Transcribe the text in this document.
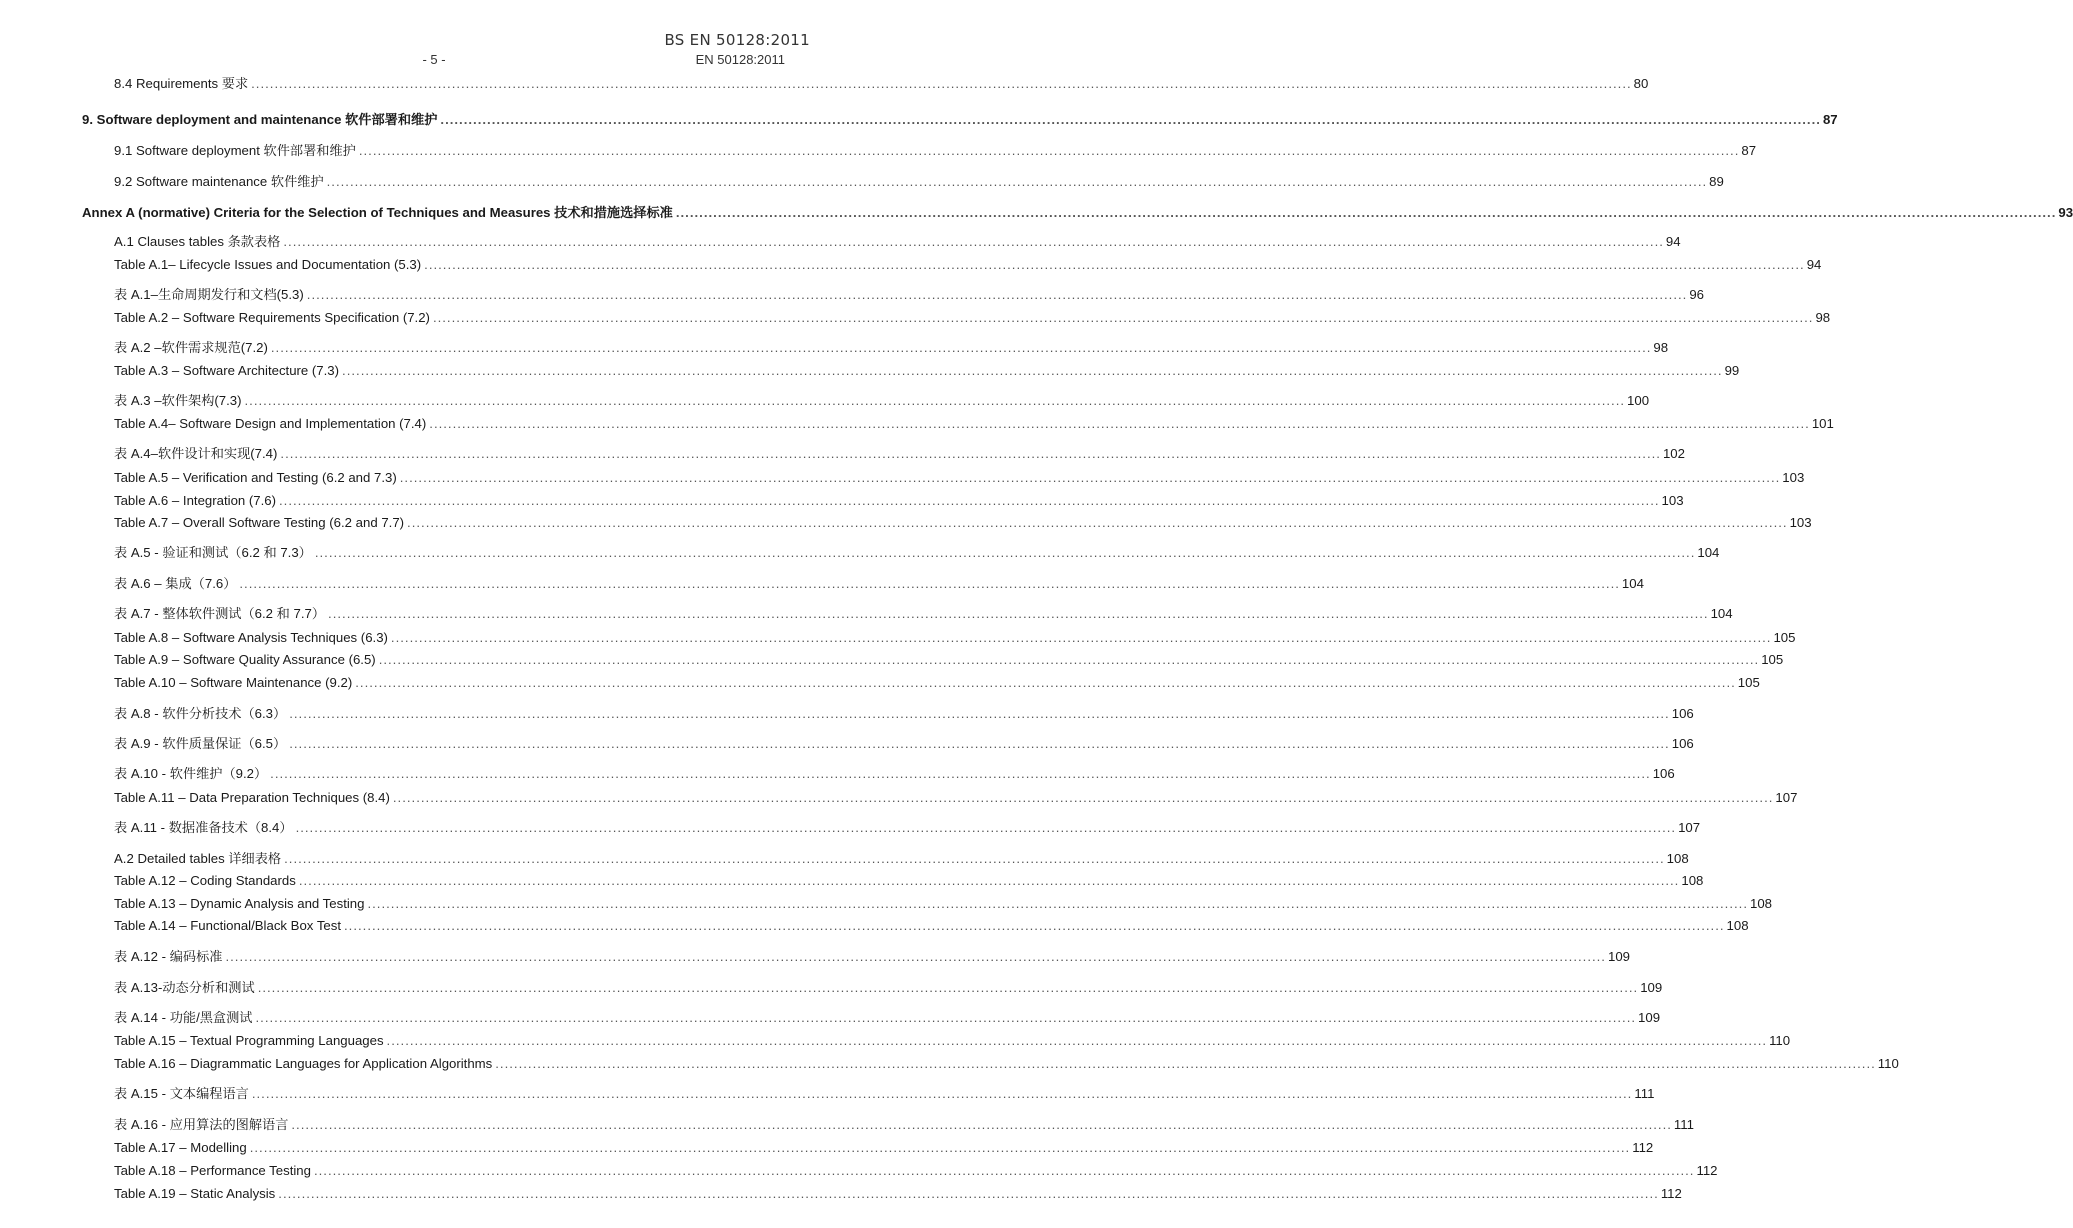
BS EN 50128:2011
- 5 -	EN 50128:2011
8.4 Requirements 要求 .....	80
9. Software deployment and maintenance 软件部署和维护 .....	87
9.1 Software deployment 软件部署和维护 .....	87
9.2 Software maintenance 软件维护 .....	89
Annex A (normative) Criteria for the Selection of Techniques and Measures 技术和措施选择标准 .....	93
A.1 Clauses tables 条款表格 .....	94
Table A.1– Lifecycle Issues and Documentation (5.3) .....	94
表 A.1–生命周期发行和文档(5.3) .....	96
Table A.2 – Software Requirements Specification (7.2) .....	98
表 A.2 –软件需求规范(7.2) .....	98
Table A.3 – Software Architecture (7.3) .....	99
表 A.3 –软件架构(7.3) .....	100
Table A.4– Software Design and Implementation (7.4) .....	101
表 A.4–软件设计和实现(7.4) .....	102
Table A.5 – Verification and Testing (6.2 and 7.3) .....	103
Table A.6 – Integration (7.6) .....	103
Table A.7 – Overall Software Testing (6.2 and 7.7) .....	103
表 A.5 - 验证和测试（6.2 和 7.3） .....	104
表 A.6 – 集成（7.6） .....	104
表 A.7 - 整体软件测试（6.2 和 7.7） .....	104
Table A.8 – Software Analysis Techniques (6.3) .....	105
Table A.9 – Software Quality Assurance (6.5) .....	105
Table A.10 – Software Maintenance (9.2) .....	105
表 A.8 - 软件分析技术（6.3） .....	106
表 A.9 - 软件质量保证（6.5） .....	106
表 A.10 - 软件维护（9.2） .....	106
Table A.11 – Data Preparation Techniques (8.4) .....	107
表 A.11 - 数据准备技术（8.4） .....	107
A.2 Detailed tables 详细表格 .....	108
Table A.12 – Coding Standards .....	108
Table A.13 – Dynamic Analysis and Testing .....	108
Table A.14 – Functional/Black Box Test .....	108
表 A.12 - 编码标准 .....	109
表 A.13-动态分析和测试 .....	109
表 A.14 - 功能/黑盒测试 .....	109
Table A.15 – Textual Programming Languages .....	110
Table A.16 – Diagrammatic Languages for Application Algorithms .....	110
表 A.15 - 文本编程语言 .....	111
表 A.16 - 应用算法的图解语言 .....	111
Table A.17 – Modelling .....	112
Table A.18 – Performance Testing .....	112
Table A.19 – Static Analysis .....	112
